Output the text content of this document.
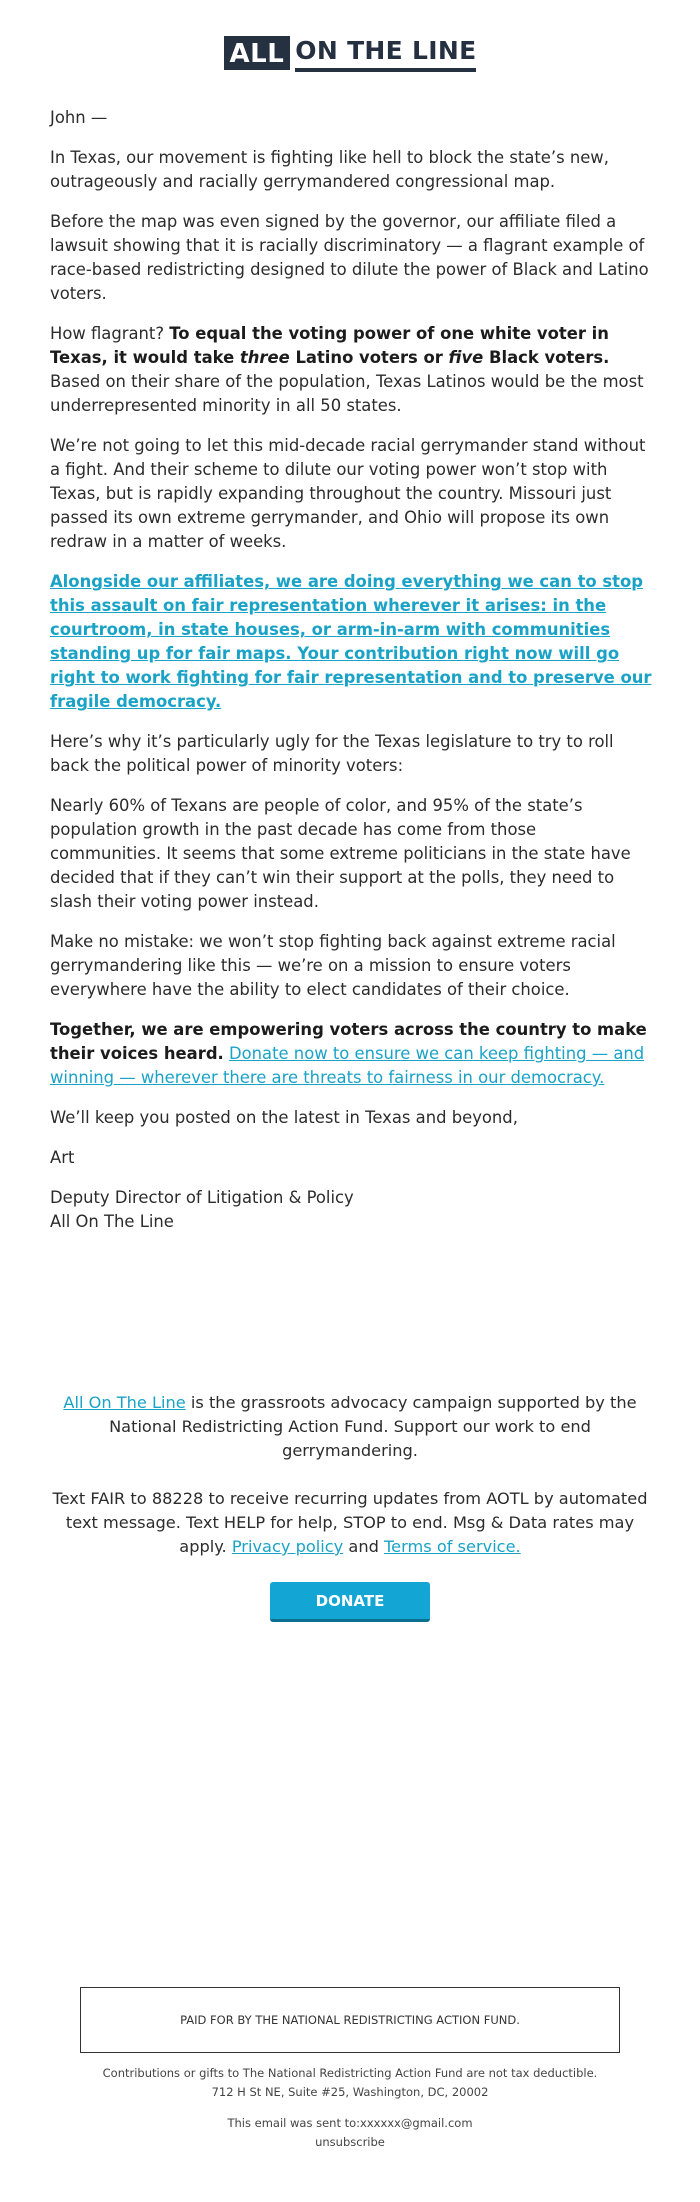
ALL ON THE LINE

John —

In Texas, our movement is fighting like hell to block the state’s new, outrageously and racially gerrymandered congressional map.

Before the map was even signed by the governor, our affiliate filed a lawsuit showing that it is racially discriminatory — a flagrant example of race-based redistricting designed to dilute the power of Black and Latino voters.

How flagrant? To equal the voting power of one white voter in Texas, it would take three Latino voters or five Black voters. Based on their share of the population, Texas Latinos would be the most underrepresented minority in all 50 states.

We’re not going to let this mid-decade racial gerrymander stand without a fight. And their scheme to dilute our voting power won’t stop with Texas, but is rapidly expanding throughout the country. Missouri just passed its own extreme gerrymander, and Ohio will propose its own redraw in a matter of weeks.

Alongside our affiliates, we are doing everything we can to stop this assault on fair representation wherever it arises: in the courtroom, in state houses, or arm-in-arm with communities standing up for fair maps. Your contribution right now will go right to work fighting for fair representation and to preserve our fragile democracy.

Here’s why it’s particularly ugly for the Texas legislature to try to roll back the political power of minority voters:

Nearly 60% of Texans are people of color, and 95% of the state’s population growth in the past decade has come from those communities. It seems that some extreme politicians in the state have decided that if they can’t win their support at the polls, they need to slash their voting power instead.

Make no mistake: we won’t stop fighting back against extreme racial gerrymandering like this — we’re on a mission to ensure voters everywhere have the ability to elect candidates of their choice.

Together, we are empowering voters across the country to make their voices heard. Donate now to ensure we can keep fighting — and winning — wherever there are threats to fairness in our democracy.

We’ll keep you posted on the latest in Texas and beyond,

Art

Deputy Director of Litigation & Policy

All On The Line

All On The Line is the grassroots advocacy campaign supported by the National Redistricting Action Fund. Support our work to end gerrymandering.

Text FAIR to 88228 to receive recurring updates from AOTL by automated text message. Text HELP for help, STOP to end. Msg & Data rates may apply. Privacy policy and Terms of service.

DONATE
PAID FOR BY THE NATIONAL REDISTRICTING ACTION FUND.

Contributions or gifts to The National Redistricting Action Fund are not tax deductible.

712 H St NE, Suite #25, Washington, DC, 20002

This email was sent to:xxxxxx@gmail.com

unsubscribe
